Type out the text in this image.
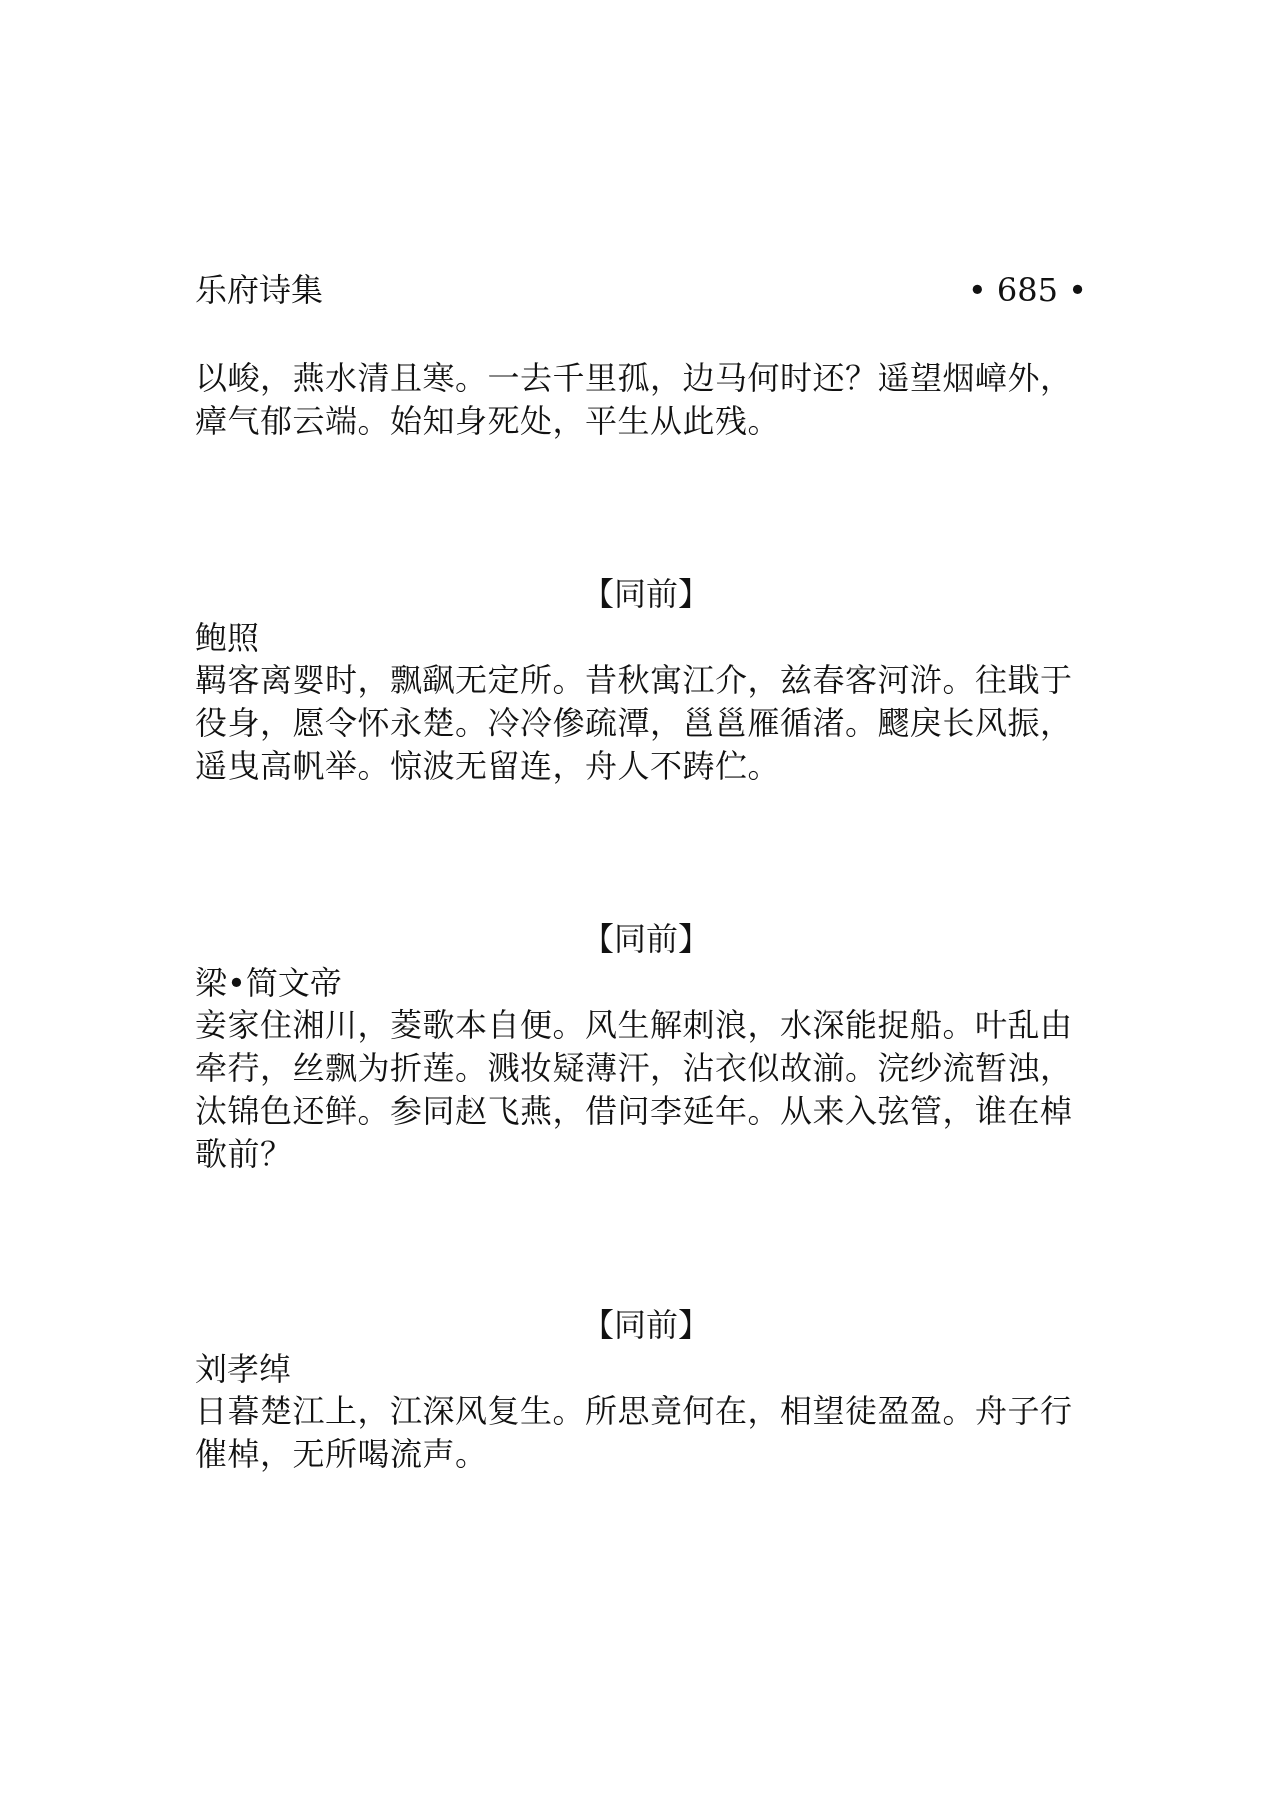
乐府诗集	• 685 •
以峻，燕水清且寒。一去千里孤，边马何时还？遥望烟嶂外，
瘴气郁云端。始知身死处，平生从此残。
【同前】
鲍照
羁客离婴时，飘飖无定所。昔秋寓江介，兹春客河浒。往戢于
役身，愿令怀永楚。冷冷傪疏潭，邕邕雁循渚。飂戾长风振，
遥曳高帆举。惊波无留连，舟人不踌伫。
【同前】
梁•简文帝
妾家住湘川，菱歌本自便。风生解刺浪，水深能捉船。叶乱由
牵荇，丝飘为折莲。溅妆疑薄汗，沾衣似故湔。浣纱流暂浊，
汰锦色还鲜。参同赵飞燕，借问李延年。从来入弦管，谁在棹
歌前？
【同前】
刘孝绰
日暮楚江上，江深风复生。所思竟何在，相望徒盈盈。舟子行
催棹，无所喝流声。
